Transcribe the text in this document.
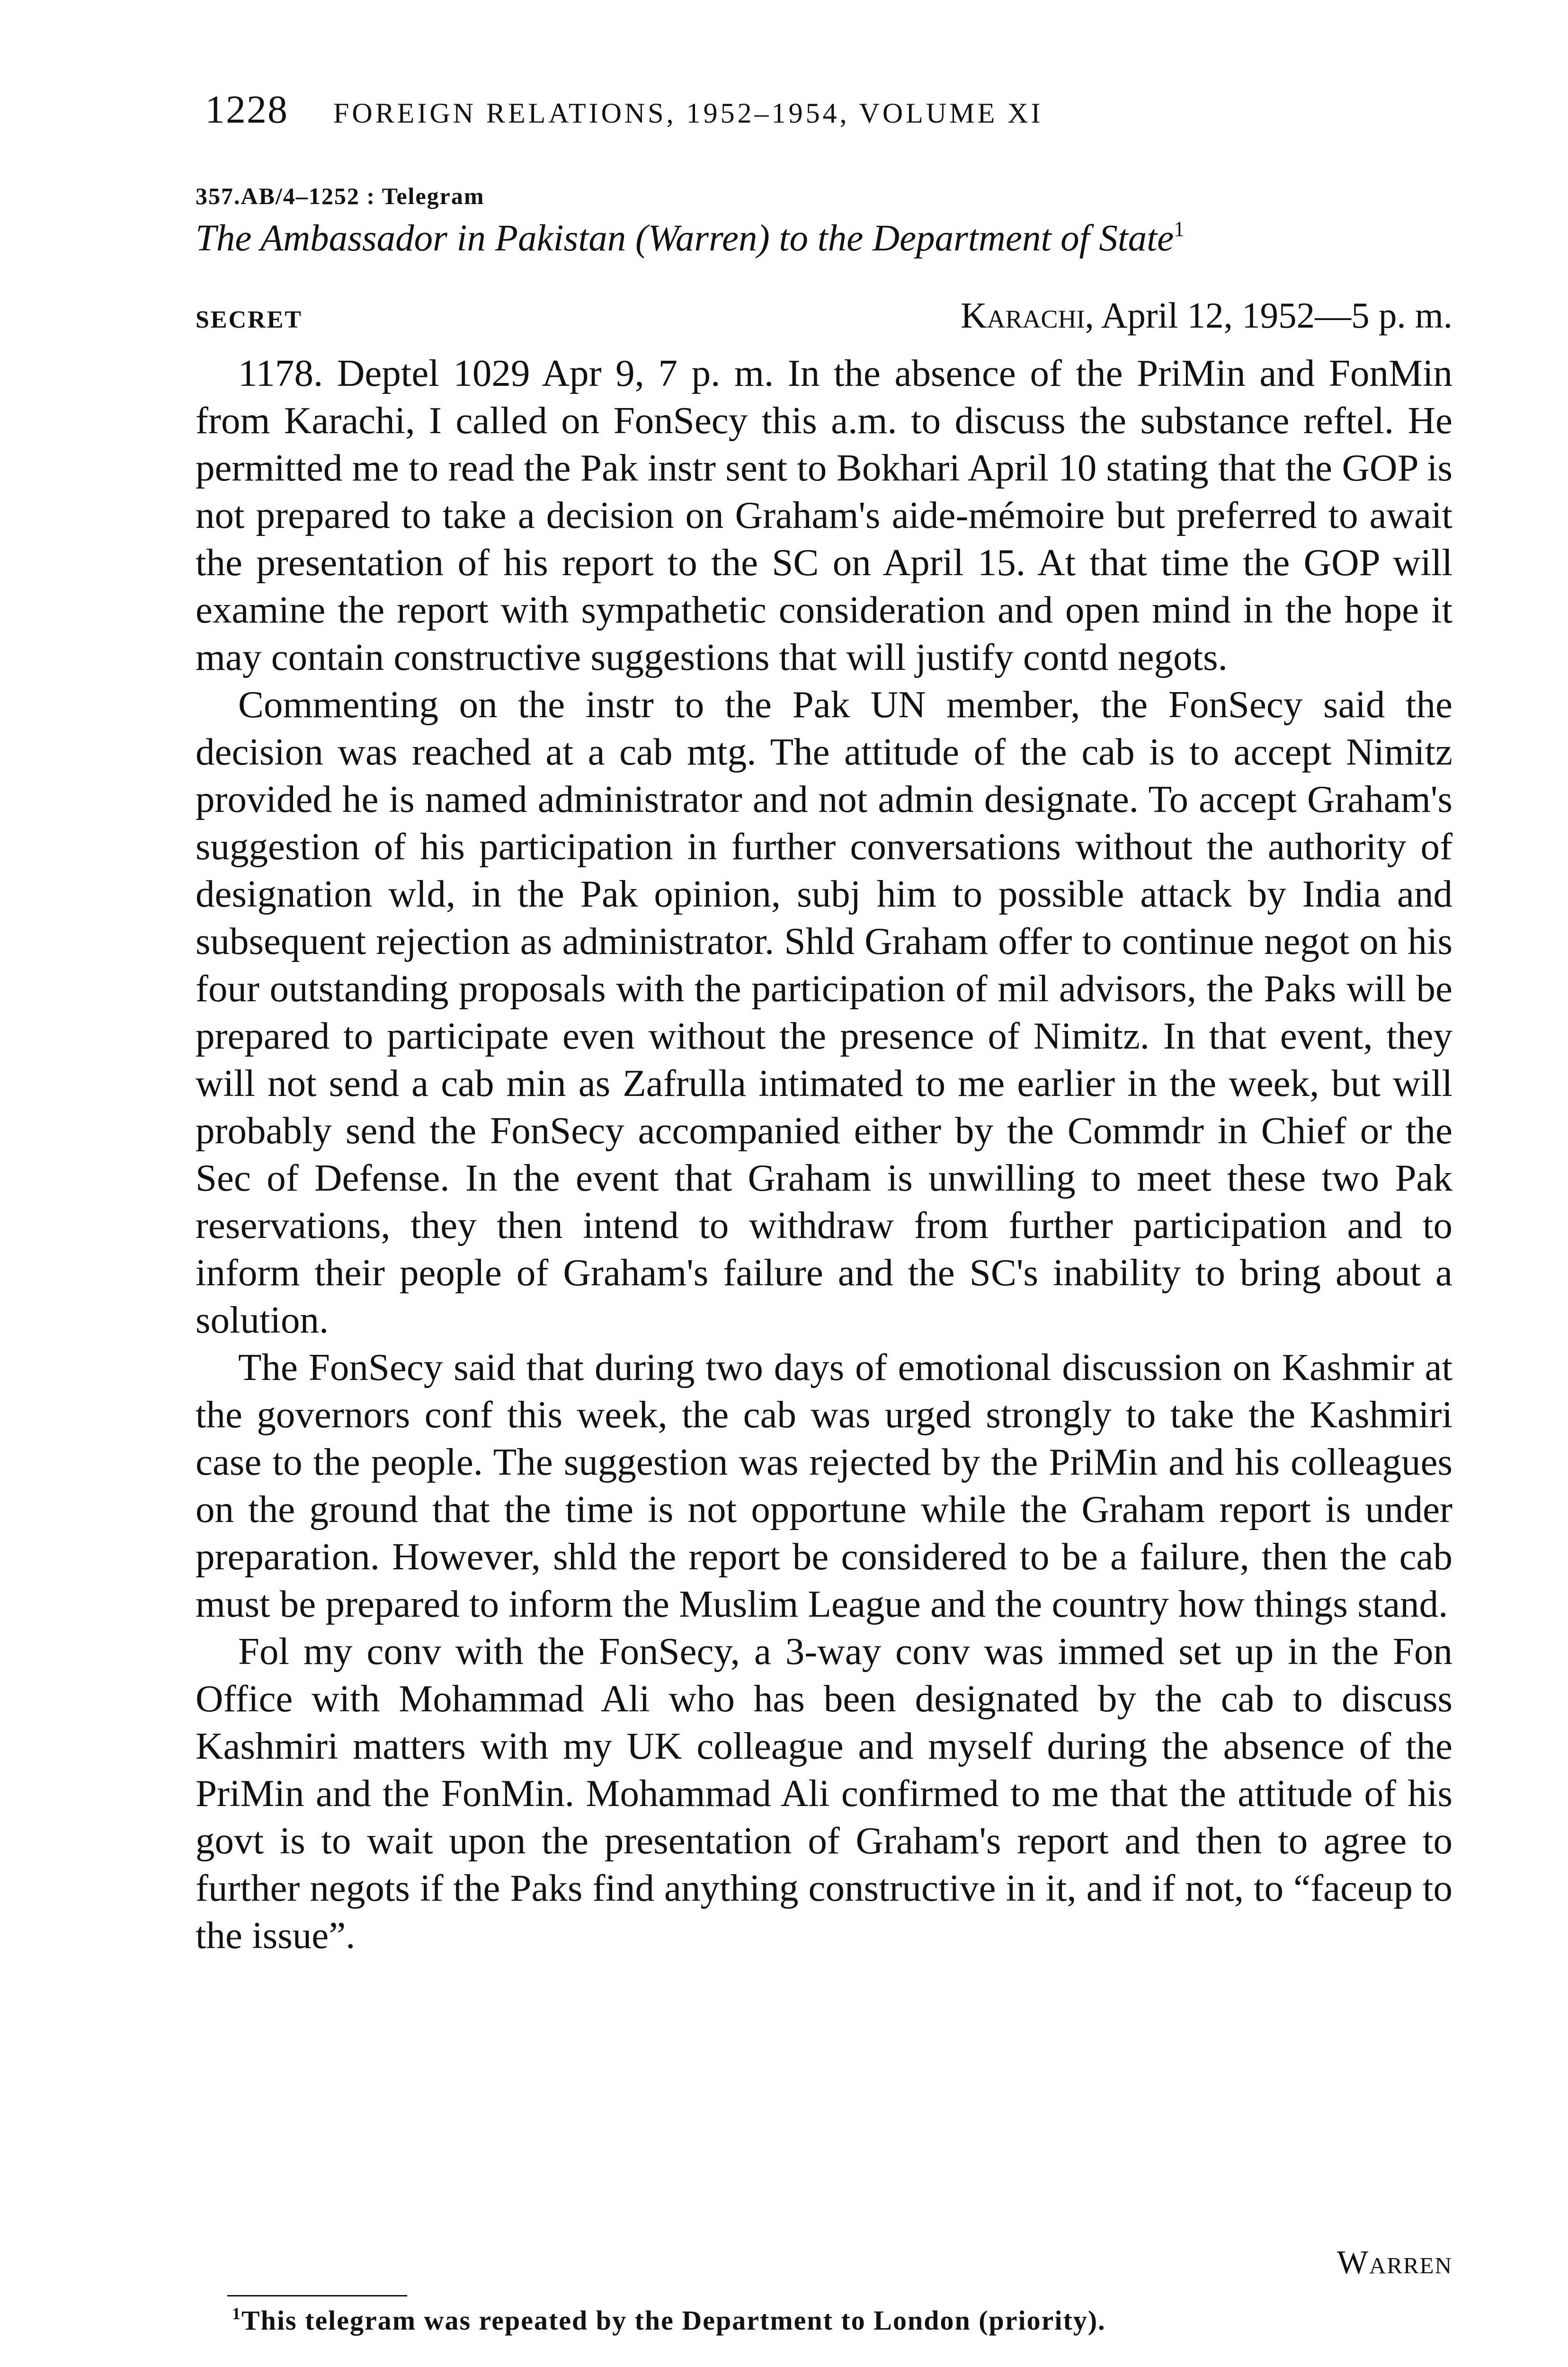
1228 FOREIGN RELATIONS, 1952–1954, VOLUME XI
357.AB/4–1252 : Telegram
The Ambassador in Pakistan (Warren) to the Department of State$^1$
SECRET	Karachi, April 12, 1952—5 p. m.

1178. Deptel 1029 Apr 9, 7 p. m. In the absence of the PriMin and FonMin from Karachi, I called on FonSecy this a.m. to discuss the substance reftel. He permitted me to read the Pak instr sent to Bokhari April 10 stating that the GOP is not prepared to take a decision on Graham's aide-mémoire but preferred to await the presentation of his report to the SC on April 15. At that time the GOP will examine the report with sympathetic consideration and open mind in the hope it may contain constructive suggestions that will justify contd negots.

Commenting on the instr to the Pak UN member, the FonSecy said the decision was reached at a cab mtg. The attitude of the cab is to accept Nimitz provided he is named administrator and not admin designate. To accept Graham's suggestion of his participation in further conversations without the authority of designation wld, in the Pak opinion, subj him to possible attack by India and subsequent rejection as administrator. Shld Graham offer to continue negot on his four outstanding proposals with the participation of mil advisors, the Paks will be prepared to participate even without the presence of Nimitz. In that event, they will not send a cab min as Zafrulla intimated to me earlier in the week, but will probably send the FonSecy accompanied either by the Commdr in Chief or the Sec of Defense. In the event that Graham is unwilling to meet these two Pak reservations, they then intend to withdraw from further participation and to inform their people of Graham's failure and the SC's inability to bring about a solution.

The FonSecy said that during two days of emotional discussion on Kashmir at the governors conf this week, the cab was urged strongly to take the Kashmiri case to the people. The suggestion was rejected by the PriMin and his colleagues on the ground that the time is not opportune while the Graham report is under preparation. However, shld the report be considered to be a failure, then the cab must be prepared to inform the Muslim League and the country how things stand.

Fol my conv with the FonSecy, a 3-way conv was immed set up in the Fon Office with Mohammad Ali who has been designated by the cab to discuss Kashmiri matters with my UK colleague and myself during the absence of the PriMin and the FonMin. Mohammad Ali confirmed to me that the attitude of his govt is to wait upon the presentation of Graham's report and then to agree to further negots if the Paks find anything constructive in it, and if not, to “faceup to the issue”.

Warren
$^1$This telegram was repeated by the Department to London (priority).
